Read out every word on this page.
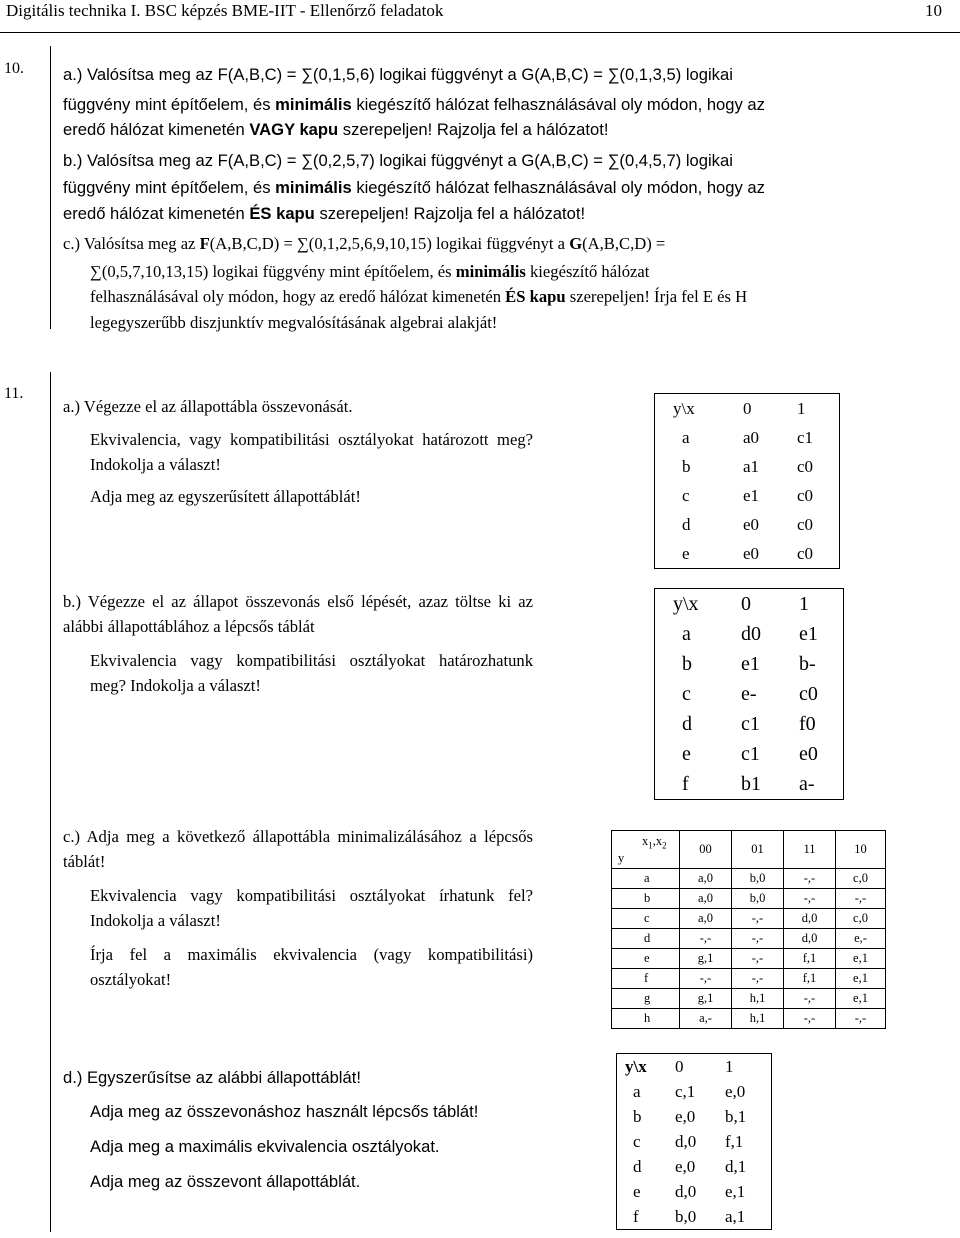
Digitális technika I. BSC képzés BME-IIT - Ellenőrző feladatok	10
10. a.) Valósítsa meg az F(A,B,C) = ∑(0,1,5,6) logikai függvényt a G(A,B,C) = ∑(0,1,3,5) logikai
függvény mint építőelem, és minimális kiegészítő hálózat felhasználásával oly módon, hogy az
eredő hálózat kimenetén VAGY kapu szerepeljen! Rajzolja fel a hálózatot!
b.) Valósítsa meg az F(A,B,C) = ∑(0,2,5,7) logikai függvényt a G(A,B,C) = ∑(0,4,5,7) logikai
függvény mint építőelem, és minimális kiegészítő hálózat felhasználásával oly módon, hogy az
eredő hálózat kimenetén ÉS kapu szerepeljen! Rajzolja fel a hálózatot!
c.) Valósítsa meg az F(A,B,C,D) = ∑(0,1,2,5,6,9,10,15) logikai függvényt a G(A,B,C,D) =
∑(0,5,7,10,13,15) logikai függvény mint építőelem, és minimális kiegészítő hálózat
felhasználásával oly módon, hogy az eredő hálózat kimenetén ÉS kapu szerepeljen! Írja fel E és H
legegyszerűbb diszjunktív megvalósításának algebrai alakját!
11.
a.) Végezze el az állapottábla összevonását.
Ekvivalencia, vagy kompatibilitási osztályokat határozott meg? Indokolja a választ!
Adja meg az egyszerűsített állapottáblát!
y\x	0	1
a	a0	c1
b	a1	c0
c	e1	c0
d	e0	c0
e	e0	c0
b.) Végezze el az állapot összevonás első lépését, azaz töltse ki az alábbi állapottáblához a lépcsős táblát
Ekvivalencia vagy kompatibilitási osztályokat határozhatunk meg? Indokolja a választ!
y\x	0	1
a	d0	e1
b	e1	b-
c	e-	c0
d	c1	f0
e	c1	e0
f	b1	a-
c.) Adja meg a következő állapottábla minimalizálásához a lépcsős táblát!
Ekvivalencia vagy kompatibilitási osztályokat írhatunk fel? Indokolja a választ!
Írja fel a maximális ekvivalencia (vagy kompatibilitási) osztályokat!
$x_1,x_2$
y	00	01	11	10
a	a,0	b,0	-,-	c,0
b	a,0	b,0	-,-	-,-
c	a,0	-,-	d,0	c,0
d	-,-	-,-	d,0	e,-
e	g,1	-,-	f,1	e,1
f	-,-	-,-	f,1	e,1
g	g,1	h,1	-,-	e,1
h	a,-	h,1	-,-	-,-
d.) Egyszerűsítse az alábbi állapottáblát!
Adja meg az összevonáshoz használt lépcsős táblát!
Adja meg a maximális ekvivalencia osztályokat.
Adja meg az összevont állapottáblát.
y\x	0	1
a	c,1	e,0
b	e,0	b,1
c	d,0	f,1
d	e,0	d,1
e	d,0	e,1
f	b,0	a,1
